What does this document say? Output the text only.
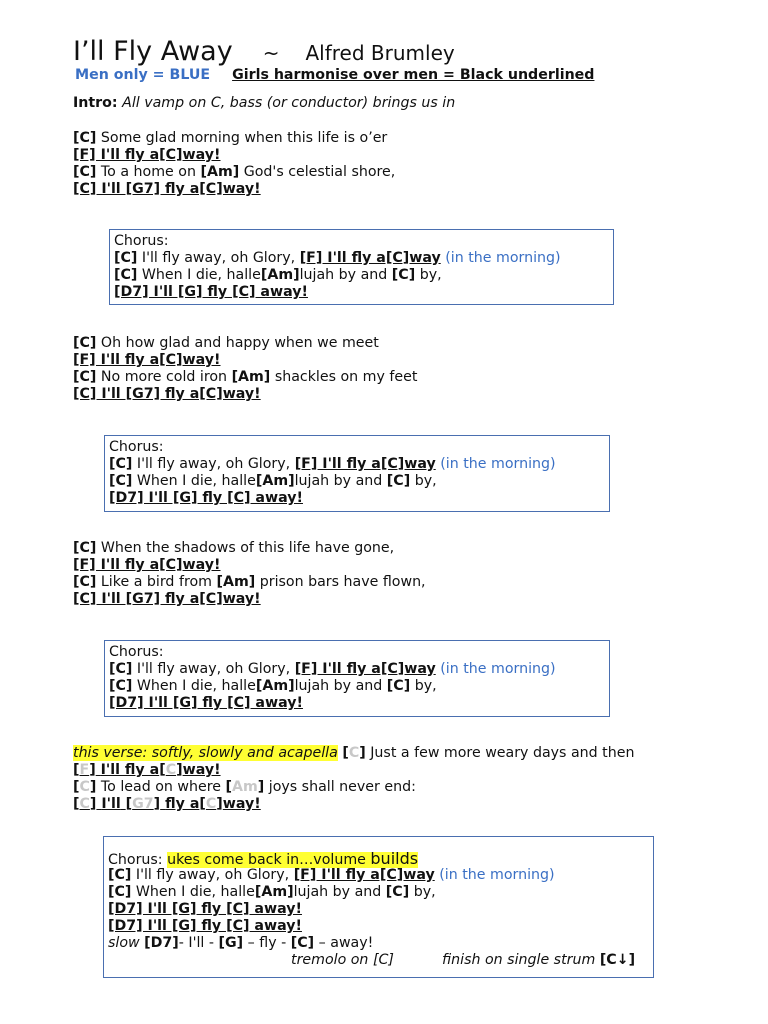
I’ll Fly Away ~ Alfred Brumley
Men only = BLUE Girls harmonise over men = Black underlined
Intro: All vamp on C, bass (or conductor) brings us in
[C] Some glad morning when this life is o’er
[F] I'll fly a[C]way!
[C] To a home on [Am] God's celestial shore,
[C] I'll [G7] fly a[C]way!
Chorus:
[C] I'll fly away, oh Glory, [F] I'll fly a[C]way (in the morning)
[C] When I die, halle[Am]lujah by and [C] by,
[D7] I'll [G] fly [C] away!
[C] Oh how glad and happy when we meet
[F] I'll fly a[C]way!
[C] No more cold iron [Am] shackles on my feet
[C] I'll [G7] fly a[C]way!
Chorus:
[C] I'll fly away, oh Glory, [F] I'll fly a[C]way (in the morning)
[C] When I die, halle[Am]lujah by and [C] by,
[D7] I'll [G] fly [C] away!
[C] When the shadows of this life have gone,
[F] I'll fly a[C]way!
[C] Like a bird from [Am] prison bars have flown,
[C] I'll [G7] fly a[C]way!
Chorus:
[C] I'll fly away, oh Glory, [F] I'll fly a[C]way (in the morning)
[C] When I die, halle[Am]lujah by and [C] by,
[D7] I'll [G] fly [C] away!
this verse: softly, slowly and acapella [C] Just a few more weary days and then
[F] I'll fly a[C]way!
[C] To lead on where [Am] joys shall never end:
[C] I'll [G7] fly a[C]way!
Chorus: ukes come back in…volume builds
[C] I'll fly away, oh Glory, [F] I'll fly a[C]way (in the morning)
[C] When I die, halle[Am]lujah by and [C] by,
[D7] I'll [G] fly [C] away!
[D7] I'll [G] fly [C] away!
slow [D7]- I'll - [G] – fly - [C] – away!
tremolo on [C]	finish on single strum [C↓]
